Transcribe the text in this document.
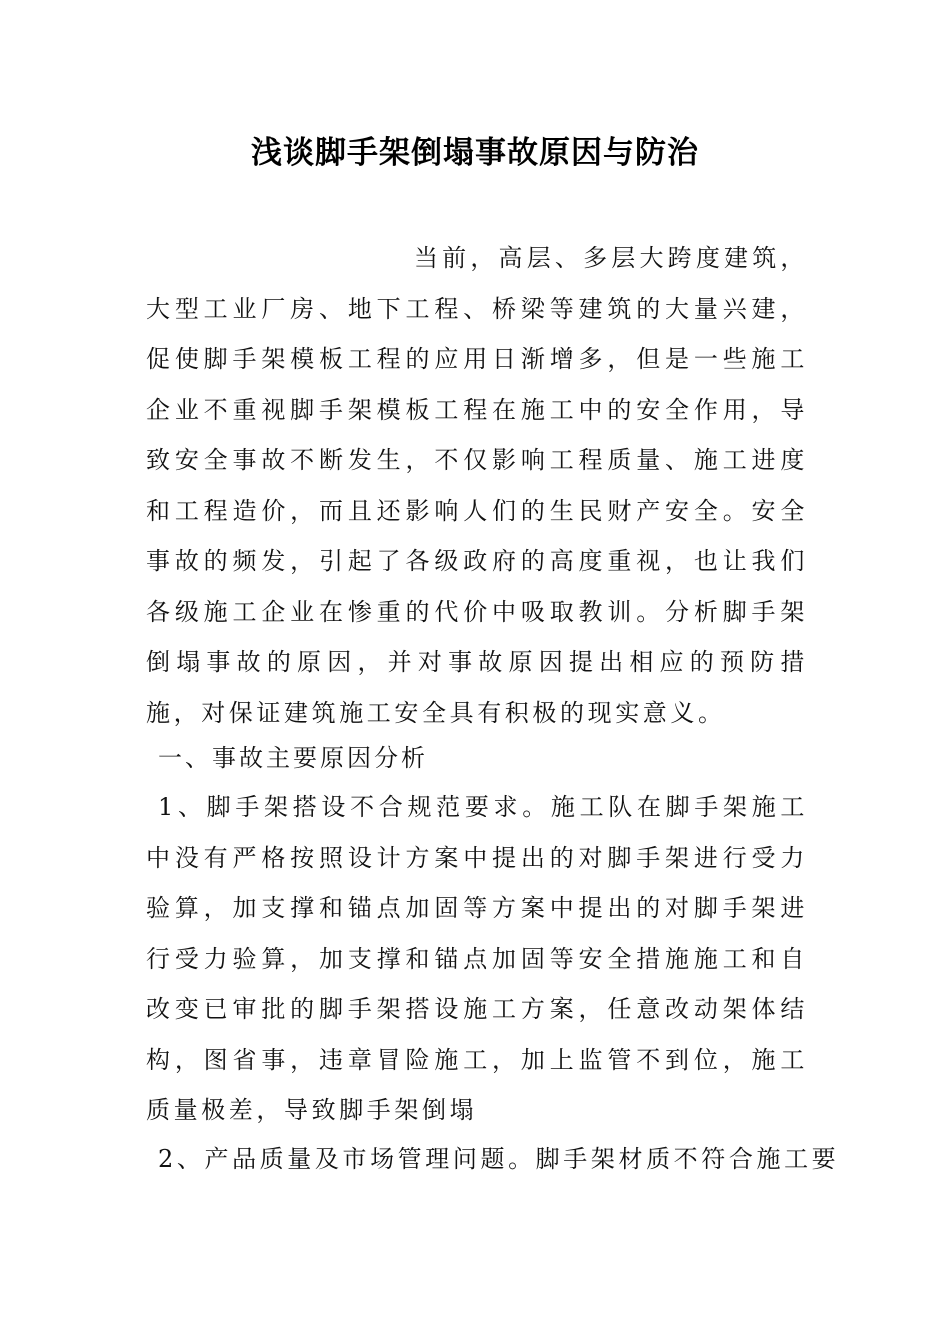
浅谈脚手架倒塌事故原因与防治
当前，高层、多层大跨度建筑，大型工业厂房、地下工程、桥梁等建筑的大量兴建，促使脚手架模板工程的应用日渐增多，但是一些施工企业不重视脚手架模板工程在施工中的安全作用，导致安全事故不断发生，不仅影响工程质量、施工进度和工程造价，而且还影响人们的生民财产安全。安全事故的频发，引起了各级政府的高度重视，也让我们各级施工企业在惨重的代价中吸取教训。分析脚手架倒塌事故的原因，并对事故原因提出相应的预防措施，对保证建筑施工安全具有积极的现实意义。
一、事故主要原因分析
1、脚手架搭设不合规范要求。施工队在脚手架施工中没有严格按照设计方案中提出的对脚手架进行受力验算，加支撑和锚点加固等方案中提出的对脚手架进行受力验算，加支撑和锚点加固等安全措施施工和自改变已审批的脚手架搭设施工方案，任意改动架体结构，图省事，违章冒险施工，加上监管不到位，施工质量极差，导致脚手架倒塌
2、产品质量及市场管理问题。脚手架材质不符合施工要
